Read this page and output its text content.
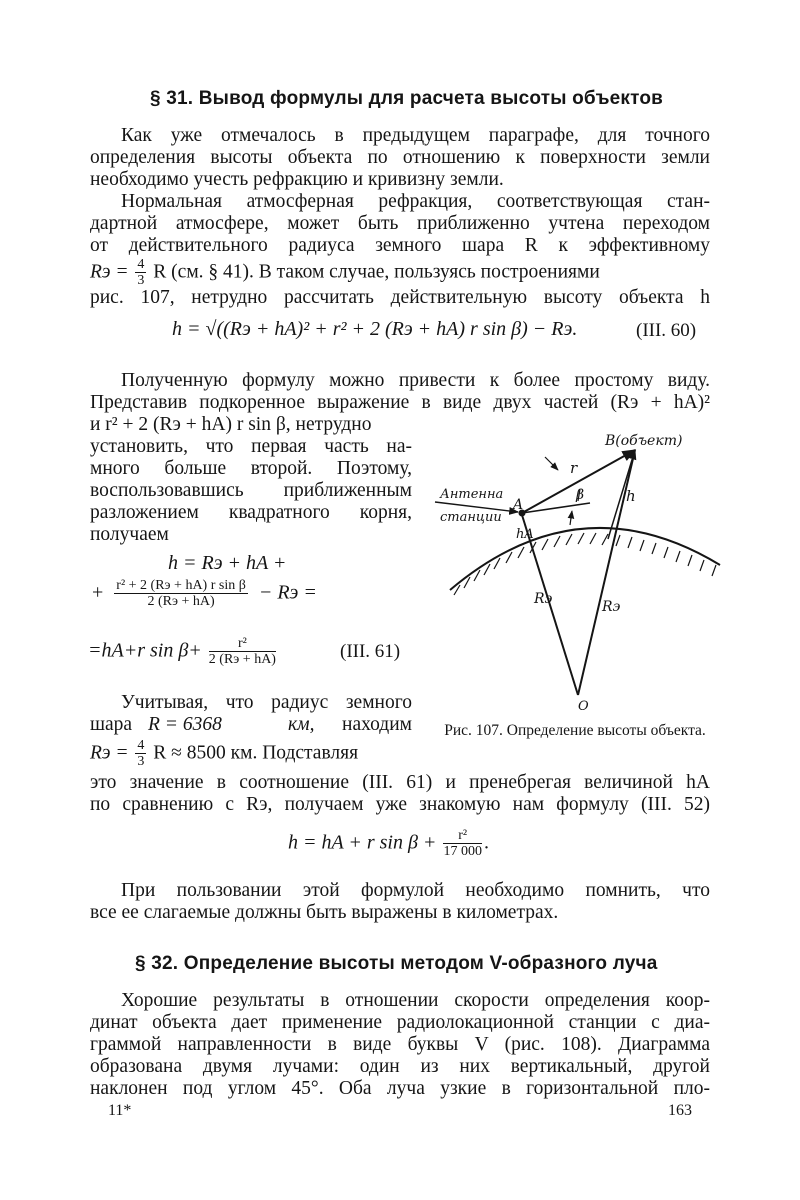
§ 31. Вывод формулы для расчета высоты объектов
Как уже отмечалось в предыдущем параграфе, для точного
определения высоты объекта по отношению к поверхности земли
необходимо учесть рефракцию и кривизну земли.
Нормальная атмосферная рефракция, соответствующая стан-
дартной атмосфере, может быть приближенно учтена переходом
от действительного радиуса земного шара R к эффективному
Rэ = $\frac{4}{3}$ R (см. § 41). В таком случае, пользуясь построениями
рис. 107, нетрудно рассчитать действительную высоту объекта h
h = √((Rэ + hA)² + r² + 2 (Rэ + hA) r sin β) − Rэ.	(III. 60)
Полученную формулу можно привести к более простому виду.
Представив подкоренное выражение в виде двух частей (Rэ + hA)²
и r² + 2 (Rэ + hA) r sin β, нетрудно
установить, что первая часть на-
много больше второй. Поэтому,
воспользовавшись приближенным
разложением квадратного корня,
получаем
h = Rэ + hA +
+ $\frac{\text{r² + 2 (Rэ + hA) r sin β}}{2 (Rэ + hA)}$ − Rэ =
=hA+r $\sin \beta+ \frac{\text{r²}}{2 (Rэ + hA)}$	(III. 61)
Учитывая, что радиус земного
шара R = 6368	км, находим
Rэ = $\frac{4}{3}$ R ≈ 8500 км. Подставляя
это значение в соотношение (III. 61) и пренебрегая величиной hA
по сравнению с Rэ, получаем уже знакомую нам формулу (III. 52)
h = hA + r $\sin \beta + \frac{\text{r²}}{17 000}$ .
При пользовании этой формулой необходимо помнить, что
все ее слагаемые должны быть выражены в километрах.
§ 32. Определение высоты методом V-образного луча
Хорошие результаты в отношении скорости определения коор-
динат объекта дает применение радиолокационной станции с диа-
граммой направленности в виде буквы V (рис. 108). Диаграмма
образована двумя лучами: один из них вертикальный, другой
наклонен под углом 45°. Оба луча узкие в горизонтальной пло-
11*	163
B(объект)
Антенна
станции
A
r
β	h
hA
Rэ	Rэ
O
Рис. 107. Определение высоты объекта.
